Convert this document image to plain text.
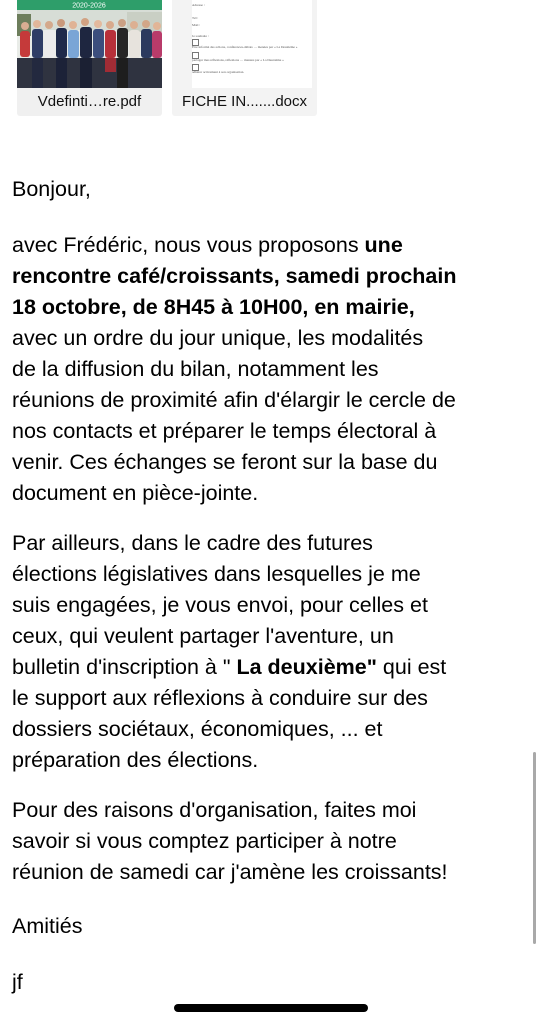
2020-2026
Vdefinti…re.pdf
Adresse :
Tél :
Mail :
Je souhaite :
Être informé des actions, conférences-débats … menées par « La Deuxième »
partager mes réflexions, réflexions … menées par « La Deuxième »
adhérer activement à son organisation.
FICHE IN.......docx

Bonjour,

avec Frédéric, nous vous proposons une
rencontre café/croissants, samedi prochain
18 octobre, de 8H45 à 10H00, en mairie,
avec un ordre du jour unique, les modalités
de la diffusion du bilan, notamment les
réunions de proximité afin d'élargir le cercle de
nos contacts et préparer le temps électoral à
venir. Ces échanges se feront sur la base du
document en pièce-jointe.

Par ailleurs, dans le cadre des futures
élections législatives dans lesquelles je me
suis engagées, je vous envoi, pour celles et
ceux, qui veulent partager l'aventure, un
bulletin d'inscription à " La deuxième" qui est
le support aux réflexions à conduire sur des
dossiers sociétaux, économiques, ... et
préparation des élections.

Pour des raisons d'organisation, faites moi
savoir si vous comptez participer à notre
réunion de samedi car j'amène les croissants!

Amitiés

jf
